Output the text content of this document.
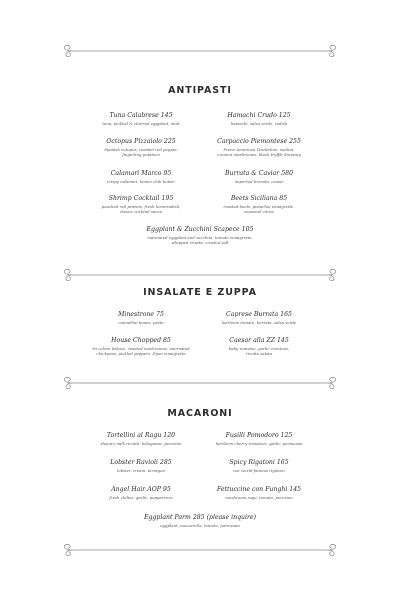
ANTIPASTI
Tuna Calabrese 145
tuna, pickled & charred eggplant, mint
Hamachi Crudo 125
hamachi, salsa verde, radish
Octopus Pizzaiolo 225
Spanish octopus, roasted red pepper,
fingerling potatoes
Carpaccio Piemontese 255
Prime American Tenderloin, walnut,
cremini mushrooms, black truffle dressing
Calamari Marco 95
crispy calamari, lemon chili butter
Burrata & Caviar 580
imported burrata, caviar
Shrimp Cocktail 195
poached red prawns, fresh horseradish,
classic cocktail sauce
Beets Siciliana 85
roasted beets, pistachio vinaigrette,
seasonal citrus
Eggplant & Zucchini Scapece 105
marinated eggplant and zucchini, tomato vinaigrette,
whipped ricotta, crostini salt
INSALATE E ZUPPA
Minestrone 75
cannellini beans, pesto
Caprese Burrata 165
heirloom tomato, burrata, salsa verde
House Chopped 85
tri colore lettuce, roasted mushrooms, marinated
chickpeas, pickled peppers, Dijon vinaigrette
Caesar alla ZZ 145
baby romaine, garlic croutons,
ricotta salata
MACARONI
Tortellini al Ragu 120
sheep's milk ricotta, bolognese, pecorino
Fusilli Pomodoro 125
heirloom cherry tomatoes, garlic, parmesan
Lobster Ravioli 285
lobster, cream, tarragon
Spicy Rigatoni 165
our world famous rigatoni
Angel Hair AOP 95
fresh chilies, garlic, peppercorn
Fettuccine con Funghi 145
mushroom ragu, tomato, pecorino
Eggplant Parm 285 (please inquire)
eggplant, mozzarella, tomato, parmesan
